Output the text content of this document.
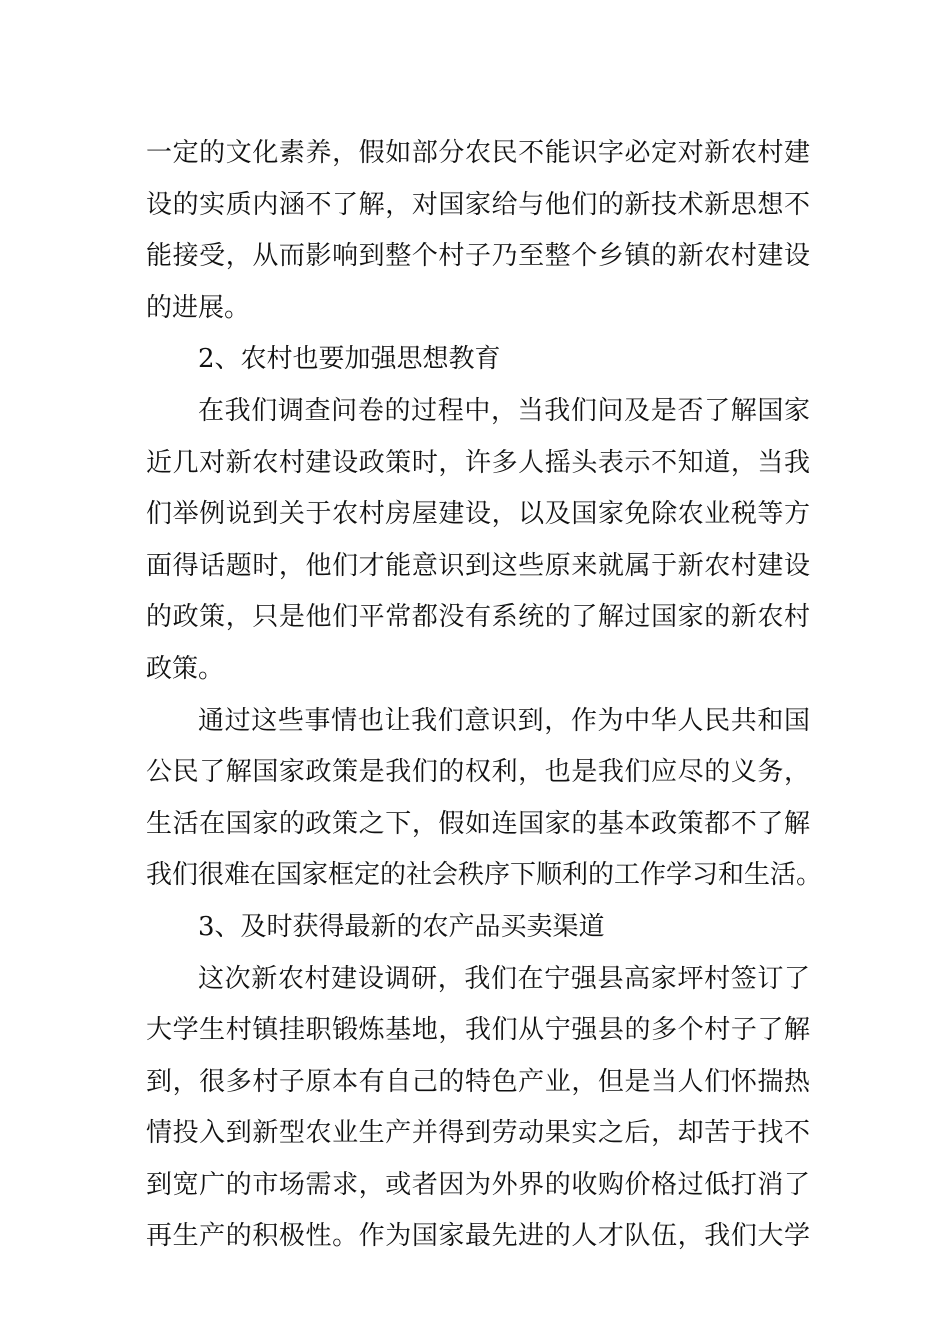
一定的文化素养，假如部分农民不能识字必定对新农村建
设的实质内涵不了解，对国家给与他们的新技术新思想不
能接受，从而影响到整个村子乃至整个乡镇的新农村建设
的进展。
2、农村也要加强思想教育
在我们调查问卷的过程中，当我们问及是否了解国家
近几对新农村建设政策时，许多人摇头表示不知道，当我
们举例说到关于农村房屋建设，以及国家免除农业税等方
面得话题时，他们才能意识到这些原来就属于新农村建设
的政策，只是他们平常都没有系统的了解过国家的新农村
政策。
通过这些事情也让我们意识到，作为中华人民共和国
公民了解国家政策是我们的权利，也是我们应尽的义务，
生活在国家的政策之下，假如连国家的基本政策都不了解
我们很难在国家框定的社会秩序下顺利的工作学习和生活。
3、及时获得最新的农产品买卖渠道
这次新农村建设调研，我们在宁强县高家坪村签订了
大学生村镇挂职锻炼基地，我们从宁强县的多个村子了解
到，很多村子原本有自己的特色产业，但是当人们怀揣热
情投入到新型农业生产并得到劳动果实之后，却苦于找不
到宽广的市场需求，或者因为外界的收购价格过低打消了
再生产的积极性。作为国家最先进的人才队伍，我们大学
